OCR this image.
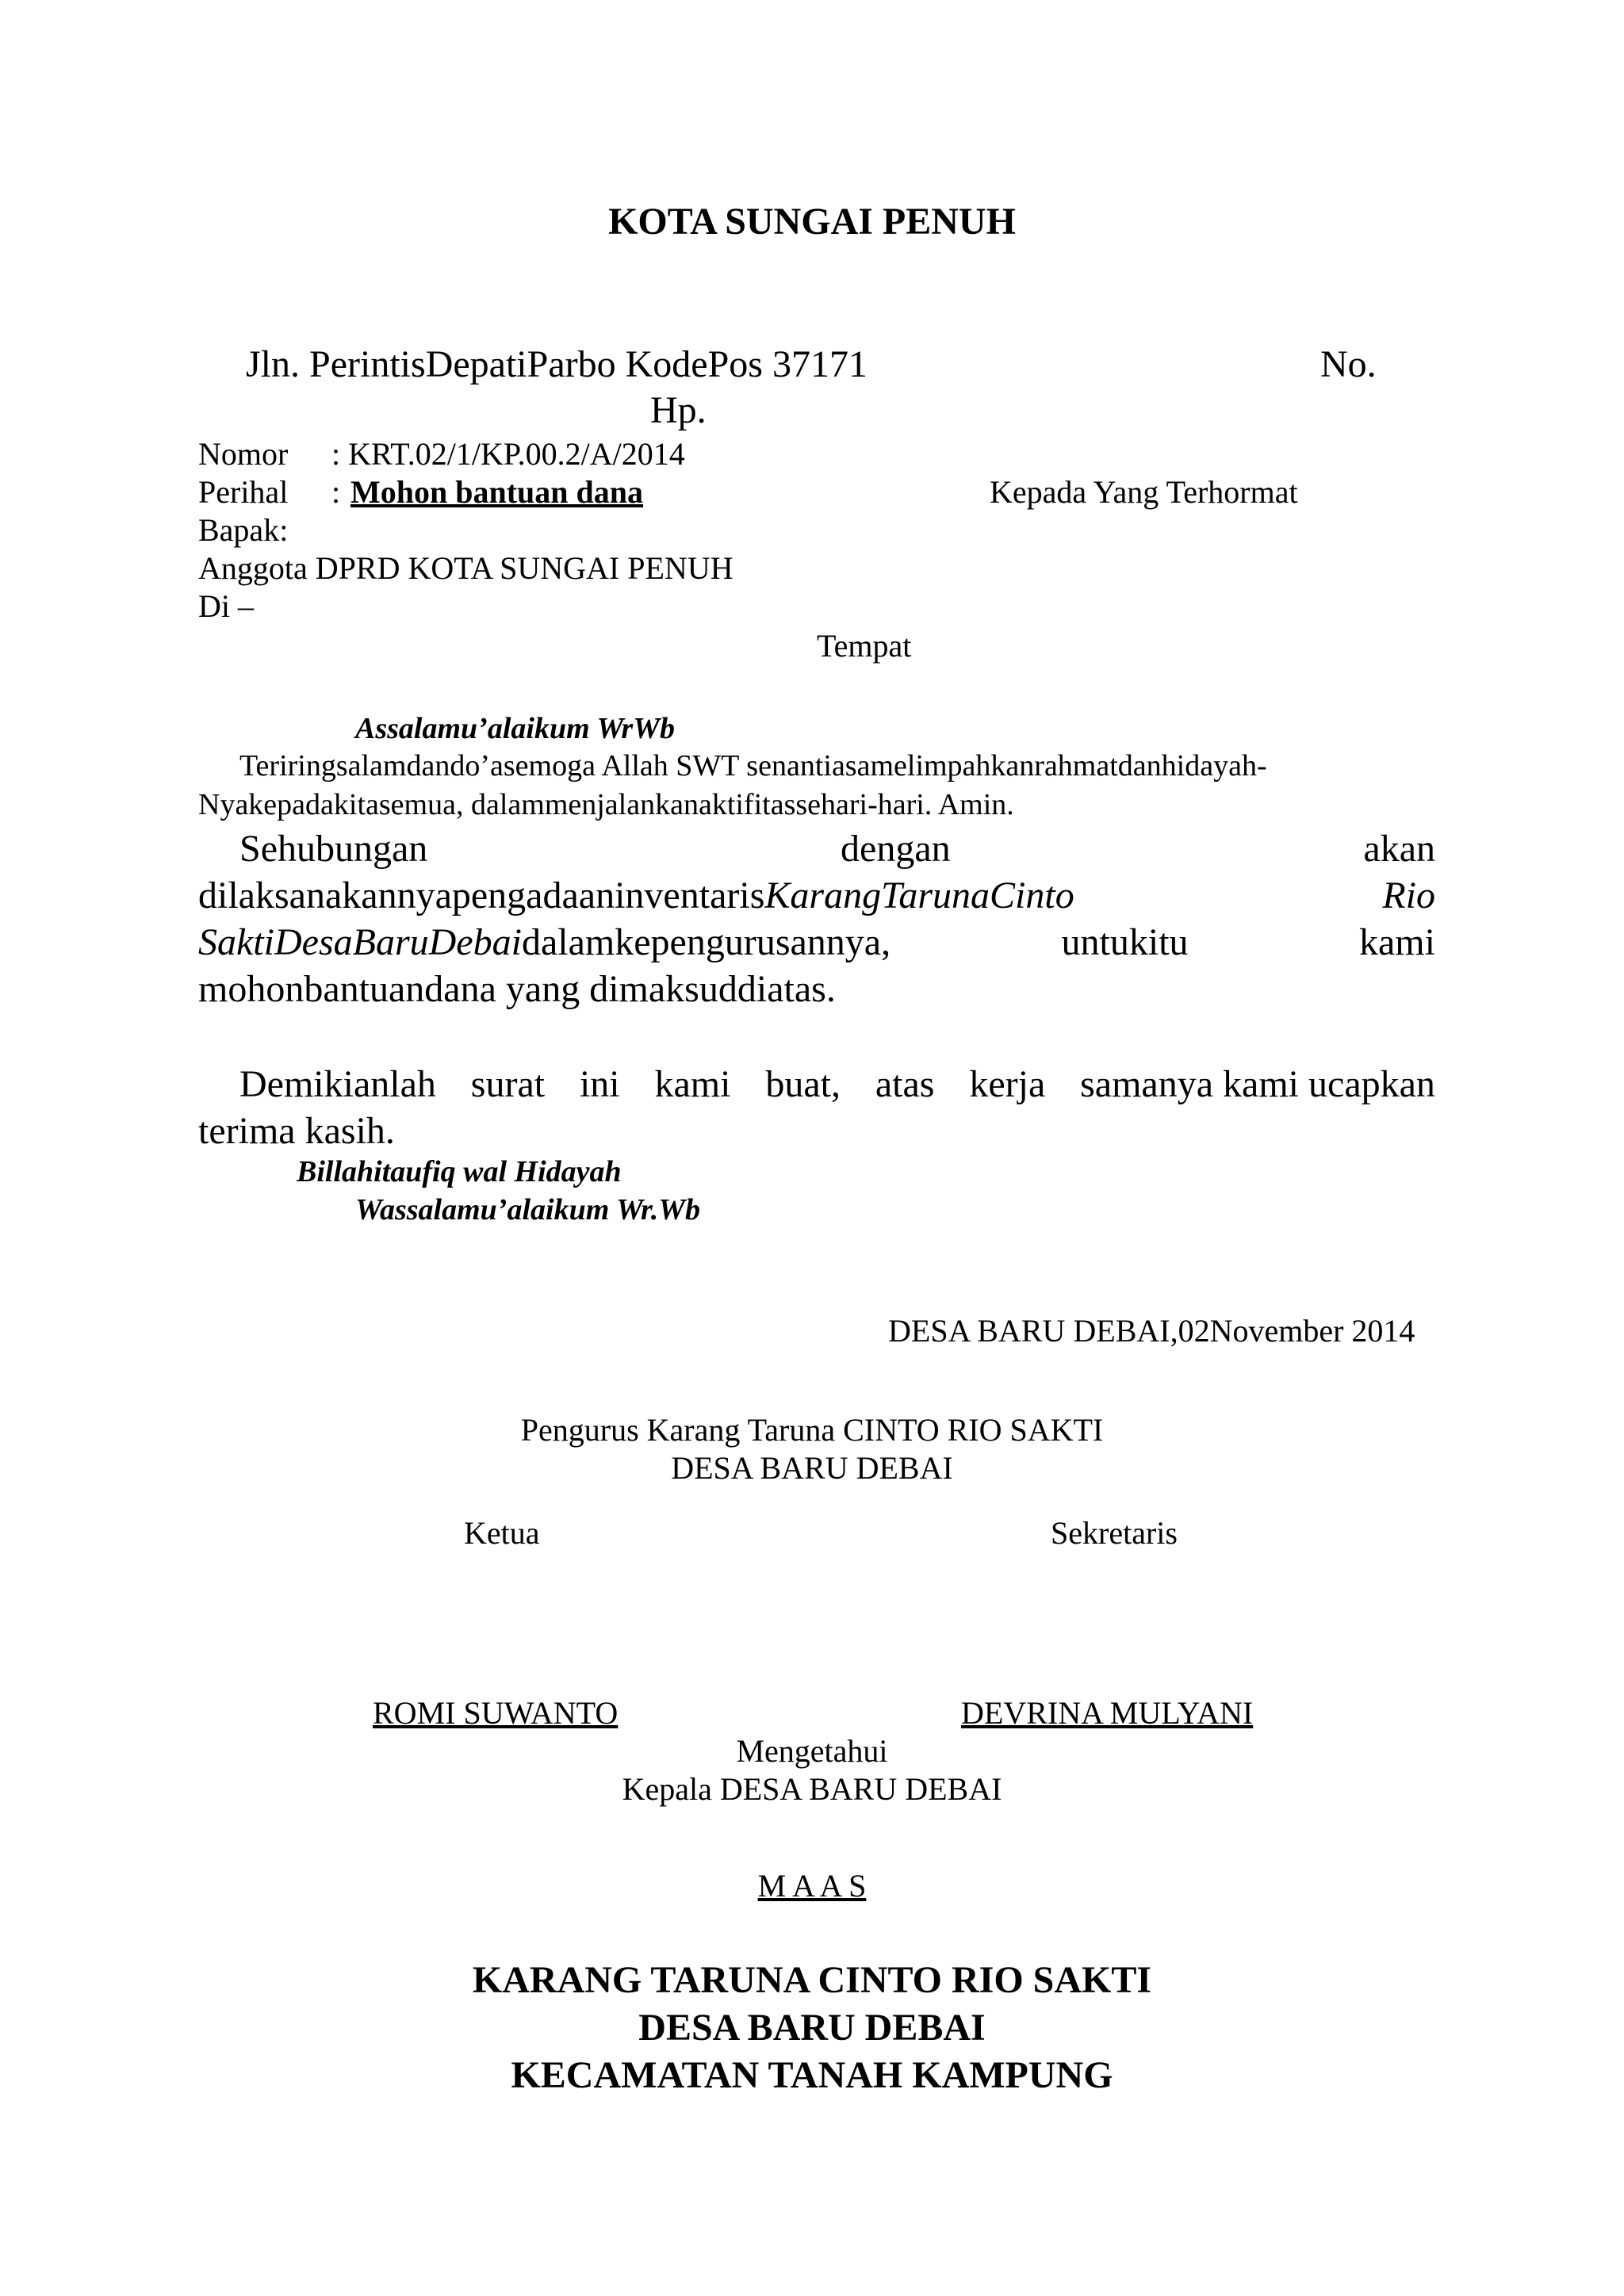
KOTA SUNGAI PENUH
Jln. PerintisDepatiParbo KodePos 37171	No.
Hp.
Nomor : KRT.02/1/KP.00.2/A/2014
Perihal : Mohon bantuan dana	Kepada Yang Terhormat
Bapak:
Anggota DPRD KOTA SUNGAI PENUH
Di –
Tempat
Assalamu’alaikum WrWb
Teriringsalamdando’asemoga Allah SWT senantiasamelimpahkanrahmatdanhidayah-
Nyakepadakitasemua, dalammenjalankanaktifitassehari-hari. Amin.
Sehubungan	dengan	akan
dilaksanakannyapengadaaninventarisKarangTarunaCinto	Rio
SaktiDesaBaruDebaidalamkepengurusannya,	untukitu	kami
mohonbantuandana yang dimaksuddiatas.
Demikianlah surat ini kami buat, atas kerja samanya kami ucapkan
terima kasih.
Billahitaufiq wal Hidayah
Wassalamu’alaikum Wr.Wb
DESA BARU DEBAI,02November 2014
Pengurus Karang Taruna CINTO RIO SAKTI
DESA BARU DEBAI
Ketua	Sekretaris
ROMI SUWANTO	DEVRINA MULYANI
Mengetahui
Kepala DESA BARU DEBAI
M A A S
KARANG TARUNA CINTO RIO SAKTI
DESA BARU DEBAI
KECAMATAN TANAH KAMPUNG
